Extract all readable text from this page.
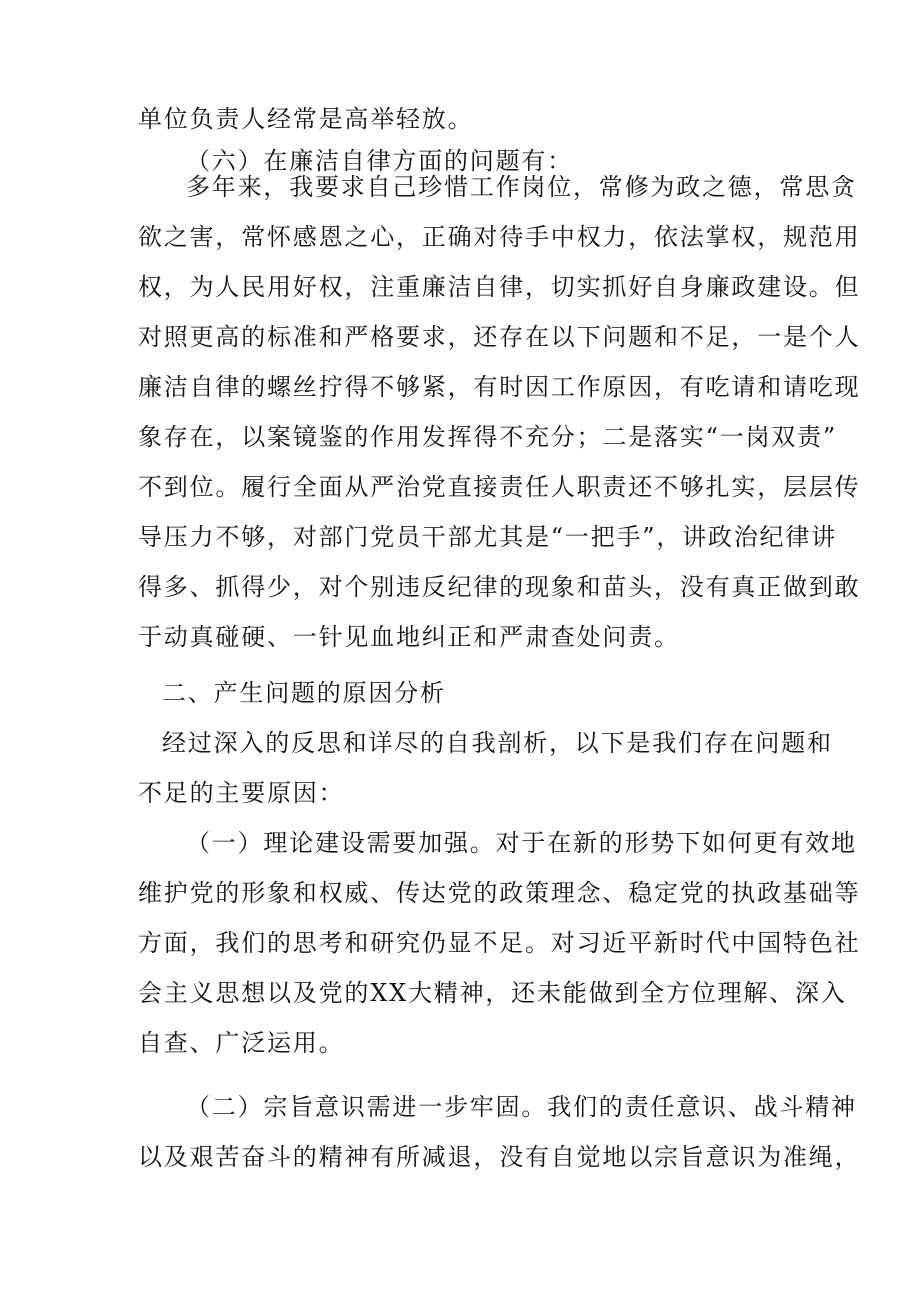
单位负责人经常是高举轻放。
（六）在廉洁自律方面的问题有：
多年来，我要求自己珍惜工作岗位，常修为政之德，常思贪
欲之害，常怀感恩之心，正确对待手中权力，依法掌权，规范用
权，为人民用好权，注重廉洁自律，切实抓好自身廉政建设。但
对照更高的标准和严格要求，还存在以下问题和不足，一是个人
廉洁自律的螺丝拧得不够紧，有时因工作原因，有吃请和请吃现
象存在，以案镜鉴的作用发挥得不充分；二是落实“一岗双责”
不到位。履行全面从严治党直接责任人职责还不够扎实，层层传
导压力不够，对部门党员干部尤其是“一把手”，讲政治纪律讲
得多、抓得少，对个别违反纪律的现象和苗头，没有真正做到敢
于动真碰硬、一针见血地纠正和严肃查处问责。
二、产生问题的原因分析
经过深入的反思和详尽的自我剖析，以下是我们存在问题和
不足的主要原因：
（一）理论建设需要加强。对于在新的形势下如何更有效地
维护党的形象和权威、传达党的政策理念、稳定党的执政基础等
方面，我们的思考和研究仍显不足。对习近平新时代中国特色社
会主义思想以及党的XX大精神，还未能做到全方位理解、深入
自查、广泛运用。
（二）宗旨意识需进一步牢固。我们的责任意识、战斗精神
以及艰苦奋斗的精神有所减退，没有自觉地以宗旨意识为准绳，
